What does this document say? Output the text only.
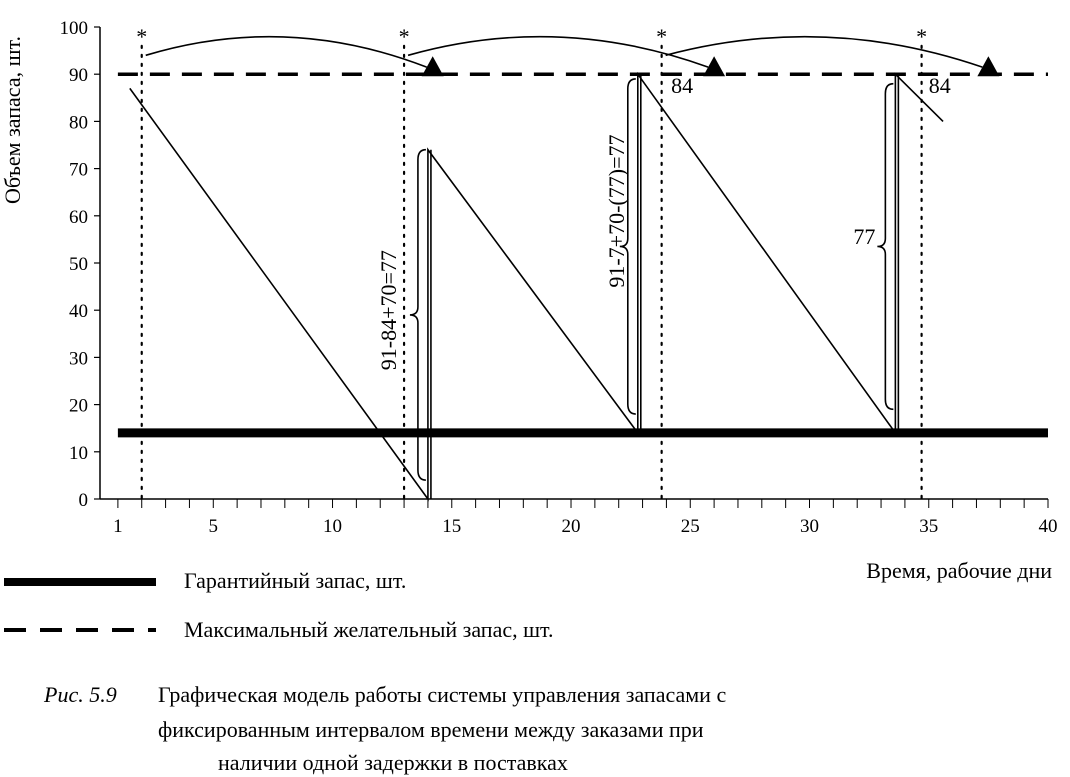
0
10
20
30
40
50
60
70
80
90
100
1	5	10	15	20	25	30	35	40
*	*	*	*
91-84+70=77
91-7+70-(77)=77	77
84	84
Объем запаса, шт.
Время, рабочие дни
Гарантийный запас, шт.
Максимальный желательный запас, шт.
Рис. 5.9 Графическая модель работы системы управления запасами с
фиксированным интервалом времени между заказами при
наличии одной задержки в поставках
